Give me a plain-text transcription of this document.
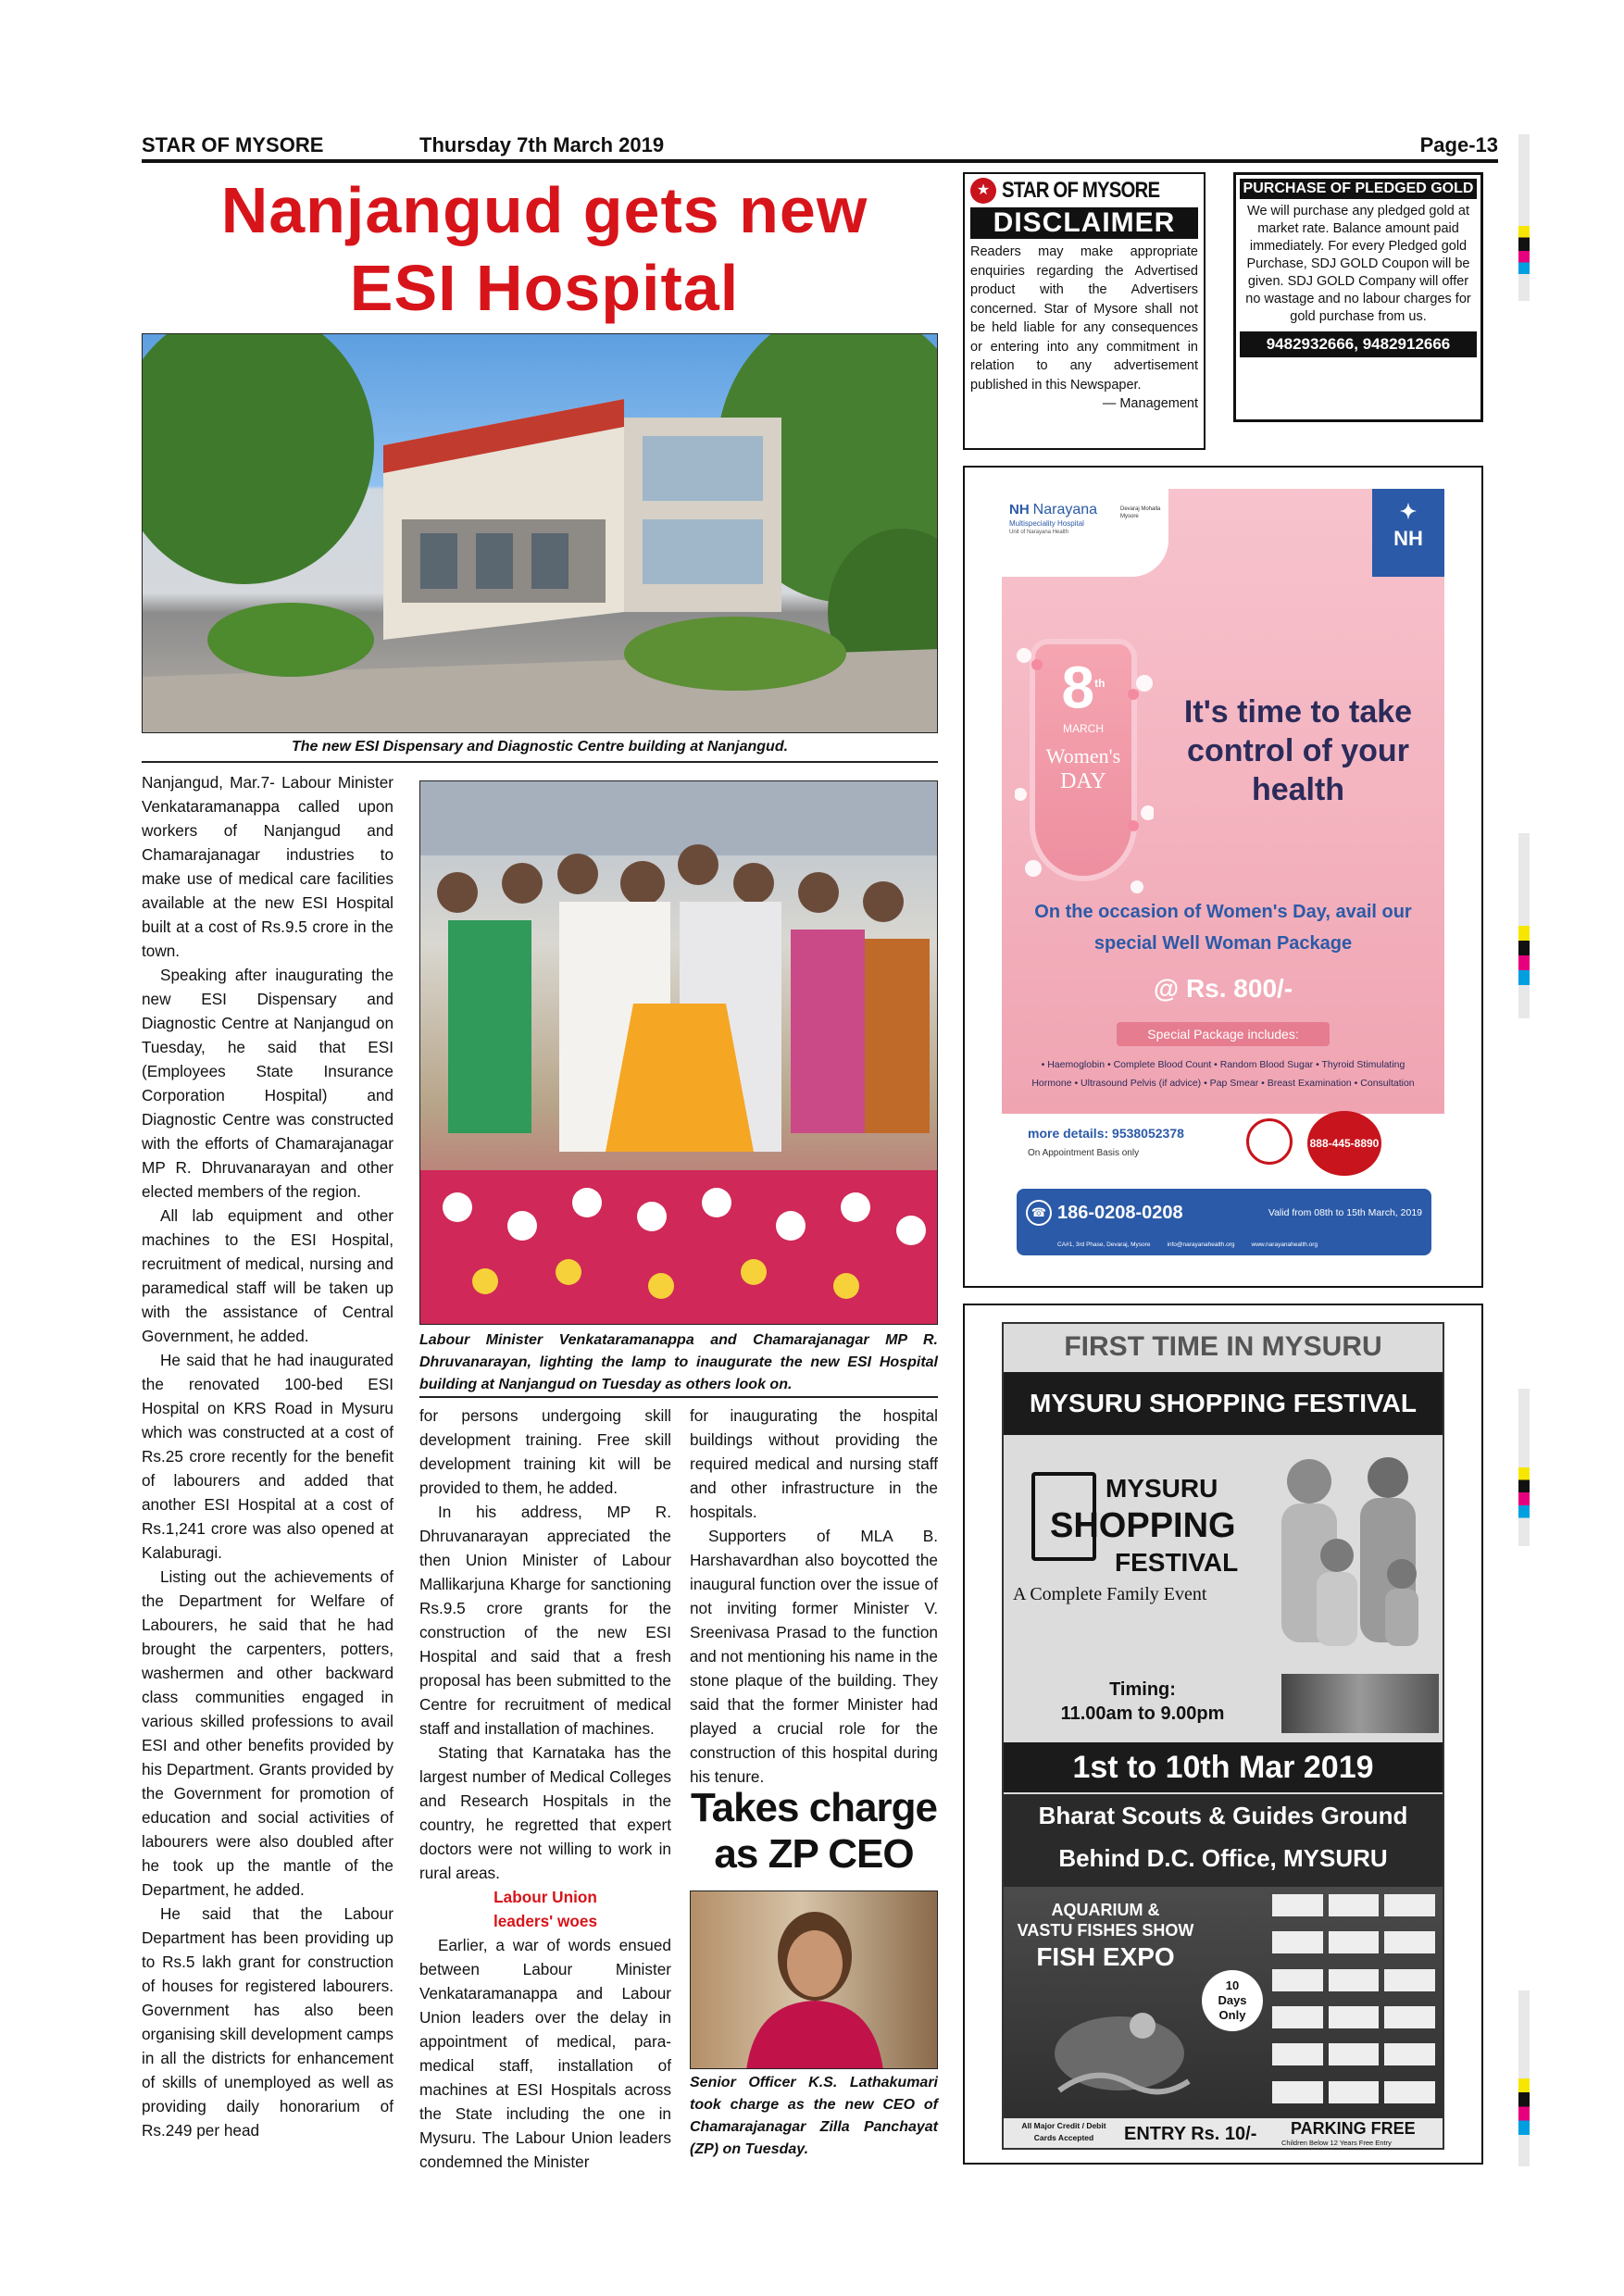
STAR OF MYSORE	Thursday 7th March 2019	Page-13
Nanjangud gets new
ESI Hospital
The new ESI Dispensary and Diagnostic Centre building at Nanjangud.
Labour Minister Venkataramanappa and Chamarajanagar MP R. Dhruvanarayan, lighting the lamp to inaugurate the new ESI Hospital building at Nanjangud on Tuesday as others look on.

Nanjangud, Mar.7- Labour Minister Venkataramanappa called upon workers of Nanjangud and Chamarajanagar industries to make use of medical care facilities available at the new ESI Hospital built at a cost of Rs.9.5 crore in the town.

Speaking after inaugurating the new ESI Dispensary and Diagnostic Centre at Nanjangud on Tuesday, he said that ESI (Employees State Insurance Corporation Hospital) and Diagnostic Centre was constructed with the efforts of Chamarajanagar MP R. Dhruvanarayan and other elected members of the region.

All lab equipment and other machines to the ESI Hospital, recruitment of medical, nursing and paramedical staff will be taken up with the assistance of Central Government, he added.

He said that he had inaugurated the renovated 100-bed ESI Hospital on KRS Road in Mysuru which was constructed at a cost of Rs.25 crore recently for the benefit of labourers and added that another ESI Hospital at a cost of Rs.1,241 crore was also opened at Kalaburagi.

Listing out the achievements of the Department for Welfare of Labourers, he said that he had brought the carpenters, potters, washermen and other backward class communities engaged in various skilled professions to avail ESI and other benefits provided by his Department. Grants provided by the Government for promotion of education and social activities of labourers were also doubled after he took up the mantle of the Department, he added.

He said that the Labour Department has been providing up to Rs.5 lakh grant for construction of houses for registered labourers. Government has also been organising skill development camps in all the districts for enhancement of skills of unemployed as well as providing daily honorarium of Rs.249 per head

for persons undergoing skill development training. Free skill development training kit will be provided to them, he added.

In his address, MP R. Dhruvanarayan appreciated the then Union Minister of Labour Mallikarjuna Kharge for sanctioning Rs.9.5 crore grants for the construction of the new ESI Hospital and said that a fresh proposal has been submitted to the Centre for recruitment of medical staff and installation of machines.

Stating that Karnataka has the largest number of Medical Colleges and Research Hospitals in the country, he regretted that expert doctors were not willing to work in rural areas.

Labour Union
leaders' woes

Earlier, a war of words ensued between Labour Minister Venkataramanappa and Labour Union leaders over the delay in appointment of medical, para-medical staff, installation of machines at ESI Hospitals across the State including the one in Mysuru. The Labour Union leaders condemned the Minister

for inaugurating the hospital buildings without providing the required medical and nursing staff and other infrastructure in the hospitals.

Supporters of MLA B. Harshavardhan also boycotted the inaugural function over the issue of not inviting former Minister V. Sreenivasa Prasad to the function and not mentioning his name in the stone plaque of the building. They said that the former Minister had played a crucial role for the construction of this hospital during his tenure.

Takes charge
as ZP CEO
Senior Officer K.S. Lathakumari took charge as the new CEO of Chamarajanagar Zilla Panchayat (ZP) on Tuesday.
★ STAR OF MYSORE
DISCLAIMER
Readers may make appropriate enquiries regarding the Advertised product with the Advertisers concerned. Star of Mysore shall not be held liable for any consequences or entering into any commitment in relation to any advertisement published in this Newspaper.
— Management
PURCHASE OF PLEDGED GOLD
We will purchase any pledged gold at market rate. Balance amount paid immediately. For every Pledged gold Purchase, SDJ GOLD Coupon will be given. SDJ GOLD Company will offer no wastage and no labour charges for gold purchase from us.
9482932666, 9482912666
NH Narayana
Multispeciality Hospital
Unit of Narayana Health
Devaraj Mohalla Mysore	✦
NH
8th
MARCH
Women's
DAY
It's time to take
control of your
health
On the occasion of Women's Day, avail our
special Well Woman Package
@ Rs. 800/-
Special Package includes:
• Haemoglobin • Complete Blood Count • Random Blood Sugar • Thyroid Stimulating
Hormone • Ultrasound Pelvis (if advice) • Pap Smear • Breast Examination • Consultation
more details: 9538052378
On Appointment Basis only
888-445-8890
☎ 186-0208-0208	Valid from 08th to 15th March, 2019
CA#1, 3rd Phase, Devaraj, Mysore	info@narayanahealth.org	www.narayanahealth.org
FIRST TIME IN MYSURU
MYSURU SHOPPING FESTIVAL
MYSURU
SHOPPING
FESTIVAL
A Complete Family Event
Timing:
11.00am to 9.00pm
1st to 10th Mar 2019
Bharat Scouts & Guides Ground
Behind D.C. Office, MYSURU
AQUARIUM &
VASTU FISHES SHOW
FISH EXPO
10
Days
Only
All Major Credit / Debit Cards Accepted	ENTRY Rs. 10/- PARKING FREE
Children Below 12 Years Free Entry
